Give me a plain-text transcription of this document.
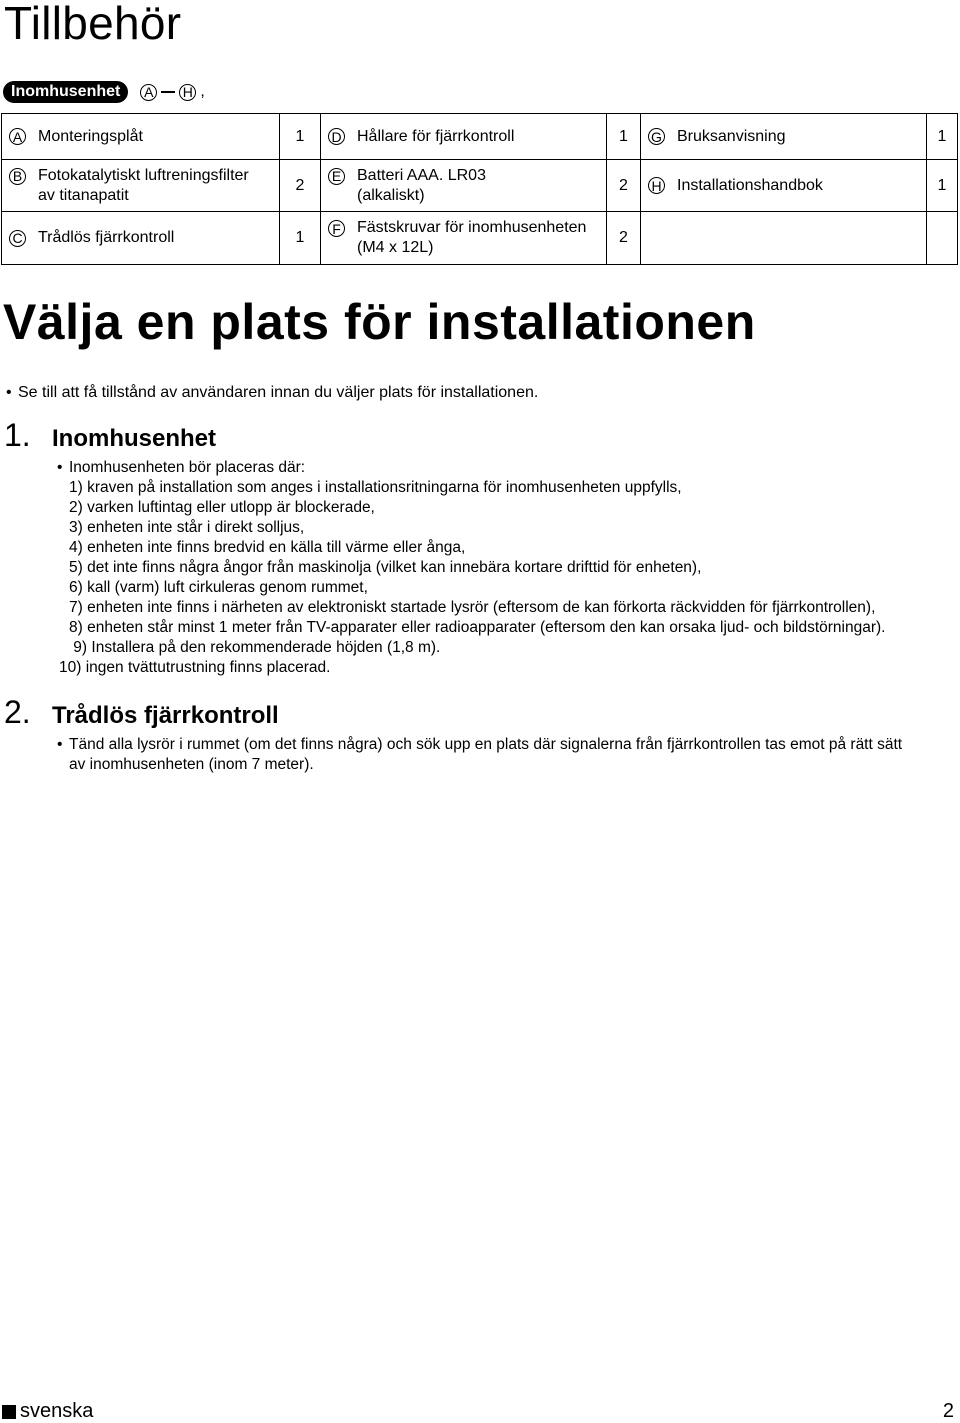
Tillbehör
Inomhusenhet	A H ,
A Monteringsplåt	1	D Hållare för fjärrkontroll	1	G Bruksanvisning	1

B Fotokatalytiskt luftreningsfilter av titanapatit	2	E Batteri AAA. LR03 (alkaliskt)	2	H Installationshandbok	1

C Trådlös fjärrkontroll	1	F Fästskruvar för inomhusenheten (M4 x 12L)	2		
Välja en plats för installationen
• Se till att få tillstånd av användaren innan du väljer plats för installationen.
1. Inomhusenhet
• Inomhusenheten bör placeras där:
1) kraven på installation som anges i installationsritningarna för inomhusenheten uppfylls,
2) varken luftintag eller utlopp är blockerade,
3) enheten inte står i direkt solljus,
4) enheten inte finns bredvid en källa till värme eller ånga,
5) det inte finns några ångor från maskinolja (vilket kan innebära kortare drifttid för enheten),
6) kall (varm) luft cirkuleras genom rummet,
7) enheten inte finns i närheten av elektroniskt startade lysrör (eftersom de kan förkorta räckvidden för fjärrkontrollen),
8) enheten står minst 1 meter från TV-apparater eller radioapparater (eftersom den kan orsaka ljud- och bildstörningar).
9) Installera på den rekommenderade höjden (1,8 m).
10) ingen tvättutrustning finns placerad.
2. Trådlös fjärrkontroll
• Tänd alla lysrör i rummet (om det finns några) och sök upp en plats där signalerna från fjärrkontrollen tas emot på rätt sätt
av inomhusenheten (inom 7 meter).
svenska	2
